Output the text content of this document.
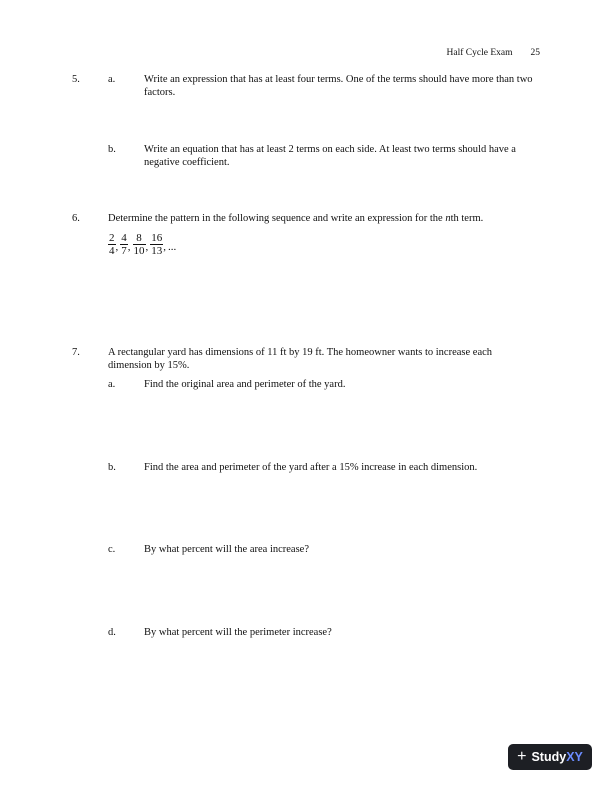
Half Cycle Exam 25
5.	a.	Write an expression that has at least four terms. One of the terms should have more than two factors.
b.	Write an equation that has at least 2 terms on each side. At least two terms should have a negative coefficient.
6.	Determine the pattern in the following sequence and write an expression for the nth term.
$\frac{2}{4}$ , $\frac{4}{7}$ , $\frac{8}{10}$ , $\frac{16}{13}$ , ...
7.	A rectangular yard has dimensions of 11 ft by 19 ft. The homeowner wants to increase each dimension by 15%.
a.	Find the original area and perimeter of the yard.
b.	Find the area and perimeter of the yard after a 15% increase in each dimension.
c.	By what percent will the area increase?
d.	By what percent will the perimeter increase?
+ StudyXY
